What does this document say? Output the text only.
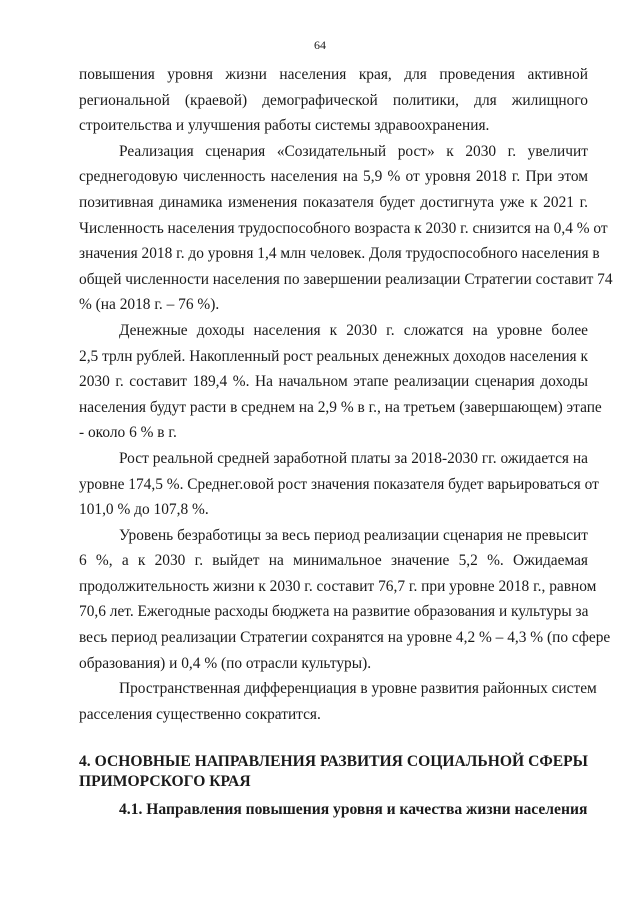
64
повышения уровня жизни населения края, для проведения активной
региональной (краевой) демографической политики, для жилищного
строительства и улучшения работы системы здравоохранения.
Реализация сценария «Созидательный рост» к 2030 г. увеличит
среднегодовую численность населения на 5,9 % от уровня 2018 г. При этом
позитивная динамика изменения показателя будет достигнута уже к 2021 г.
Численность населения трудоспособного возраста к 2030 г. снизится на 0,4 % от
значения 2018 г. до уровня 1,4 млн человек. Доля трудоспособного населения в
общей численности населения по завершении реализации Стратегии составит 74
% (на 2018 г. – 76 %).
Денежные доходы населения к 2030 г. сложатся на уровне более
2,5 трлн рублей. Накопленный рост реальных денежных доходов населения к
2030 г. составит 189,4 %. На начальном этапе реализации сценария доходы
населения будут расти в среднем на 2,9 % в г., на третьем (завершающем) этапе
- около 6 % в г.
Рост реальной средней заработной платы за 2018-2030 гг. ожидается на
уровне 174,5 %. Среднег.овой рост значения показателя будет варьироваться от
101,0 % до 107,8 %.
Уровень безработицы за весь период реализации сценария не превысит
6 %, а к 2030 г. выйдет на минимальное значение 5,2 %. Ожидаемая
продолжительность жизни к 2030 г. составит 76,7 г. при уровне 2018 г., равном
70,6 лет. Ежегодные расходы бюджета на развитие образования и культуры за
весь период реализации Стратегии сохранятся на уровне 4,2 % – 4,3 % (по сфере
образования) и 0,4 % (по отрасли культуры).
Пространственная дифференциация в уровне развития районных систем
расселения существенно сократится.
4. ОСНОВНЫЕ НАПРАВЛЕНИЯ РАЗВИТИЯ СОЦИАЛЬНОЙ СФЕРЫ
ПРИМОРСКОГО КРАЯ
4.1. Направления повышения уровня и качества жизни населения
